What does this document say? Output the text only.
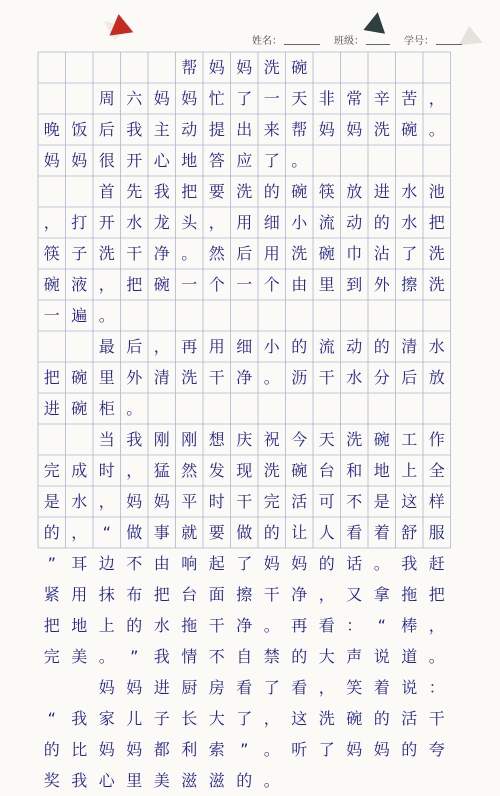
姓名：	班级：	学号：
帮 妈 妈 洗 碗
周 六 妈 妈 忙 了 一 天 非 常 辛 苦 ，
晚 饭 后 我 主 动 提 出 来 帮 妈 妈 洗 碗 。
妈 妈 很 开 心 地 答 应 了 。
首 先 我 把 要 洗 的 碗 筷 放 进 水 池
， 打 开 水 龙 头 ， 用 细 小 流 动 的 水 把
筷 子 洗 干 净 。 然 后 用 洗 碗 巾 沾 了 洗
碗 液 ， 把 碗 一 个 一 个 由 里 到 外 擦 洗
一 遍 。
最 后 ， 再 用 细 小 的 流 动 的 清 水
把 碗 里 外 清 洗 干 净 。 沥 干 水 分 后 放
进 碗 柜 。
当 我 刚 刚 想 庆 祝 今 天 洗 碗 工 作
完 成 时 ， 猛 然 发 现 洗 碗 台 和 地 上 全
是 水 ， 妈 妈 平 时 干 完 活 可 不 是 这 样
的 ， “ 做 事 就 要 做 的 让 人 看 着 舒 服
” 耳 边 不 由 响 起 了 妈 妈 的 话 。 我 赶
紧 用 抹 布 把 台 面 擦 干 净 ， 又 拿 拖 把
把 地 上 的 水 拖 干 净 。 再 看 ： “ 棒 ，
完 美 。 ” 我 情 不 自 禁 的 大 声 说 道 。
妈 妈 进 厨 房 看 了 看 ， 笑 着 说 ：
“ 我 家 儿 子 长 大 了 ， 这 洗 碗 的 活 干
的 比 妈 妈 都 利 索 ” 。 听 了 妈 妈 的 夸
奖 我 心 里 美 滋 滋 的 。
